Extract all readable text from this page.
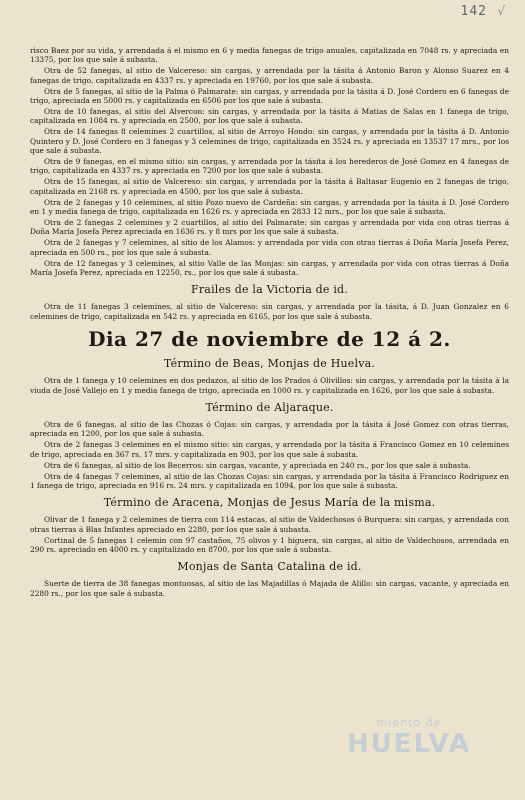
142 √
risco Baez por su vida, y arrendada á el mismo en 6 y media fanegas de trigo anuales, capitalizada en 7048 rs. y apreciada en 13375, por los que sale á subasta.
Otra de 52 fanegas, al sitio de Valcereso: sin cargas, y arrendada por la tásita á Antonio Baron y Alonso Suarez en 4 fanegas de trigo, capitalizada en 4337 rs. y apreciada en 19760, por los que sale á subasta.
Otra de 5 fanegas, al sitio de la Palma ó Palmarate: sin cargas, y arrendada por la tásita á D. José Cordero en 6 fanegas de trigo, apreciada en 5000 rs. y capitalizada en 6506 por los que sale á subasta.
Otra de 10 fanegas, al sitio del Alvercon: sin cargas, y arrendada por la tásita á Matias de Salas en 1 fanega de trigo, capitalizada en 1084 rs. y apreciada en 2500, por los que sale á subasta.
Otra de 14 fanegas 8 celemines 2 cuartillos, al sitio de Arroyo Hondo: sin cargas, y arrendada por la tásita á D. Antonio Quintero y D. José Cordero en 3 fanegas y 3 celemines de trigo, capitalizada en 3524 rs. y apreciada en 13537 17 mrs., por los que sale á subasta.
Otra de 9 fanegas, en el mismo sitio: sin cargas, y arrendada por la tásita á los herederos de José Gomez en 4 fanegas de trigo, capitalizada en 4337 rs. y apreciada en 7200 por los que sale á subasta.
Otra de 15 fanegas, al sitio de Valcereso: sin cargas, y arrendada por la tásita á Baltasar Eugenio en 2 fanegas de trigo, capitalizada en 2168 rs. y apreciada en 4500, por los que sale á subasta.
Otra de 2 fanegas y 10 celemines, al sitio Pozo nuevo de Cardeña: sin cargas, y arrendada por la tásita á D. José Cordero en 1 y media fanega de trigo, capitalizada en 1626 rs. y apreciada en 2833 12 mrs., por los que sale á subasta.
Otra de 2 fanegas 2 celemines y 2 cuartillos, al sitio del Palmarate: sin cargas y arrendada por vida con otras tierras á Doña María Josefa Perez apreciada en 1636 rs. y 8 mrs por los que sale á subasta.
Otra de 2 fanegas y 7 celemines, al sitio de los Alamos: y arrendada por vida con otras tierras á Doña María Josefa Perez, apreciada en 500 rs., por los que sale á subasta.
Otra de 12 fanegas y 3 celemines, al sitio Valle de las Monjas: sin cargas, y arrendada por vida con otras tierras á Doña María Josefa Perez, apreciada en 12250, rs., por los que sale á subasta.
Frailes de la Victoria de id.
Otra de 11 fanegas 3 celemines, al sitio de Valcereso: sin cargas, y arrendada por la tásita, á D. Juan Gonzalez en 6 celemines de trigo, capitalizada en 542 rs. y apreciada en 6165, por los que sale á subasta.
Dia 27 de noviembre de 12 á 2.
Término de Beas, Monjas de Huelva.
Otra de 1 fanega y 10 celemines en dos pedazos, al sitio de los Prados ó Olivillos: sin cargas, y arrendada por la tásita á la viuda de José Vallejo en 1 y media fanega de trigo, apreciada en 1000 rs. y capitalizada en 1626, por los que sale á subasta.
Término de Aljaraque.
Otra de 6 fanegas, al sitio de las Chozas ó Cojas: sin cargas, y arrendada por la tásita á José Gomez con otras tierras, apreciada en 1200, por los que sale á subasta.
Otra de 2 fanegas 3 celemines en el mismo sitio: sin cargas, y arrendada por la tásita á Francisco Gomez en 10 celemines de trigo, apreciada en 367 rs. 17 mrs. y capitalizada en 903, por los que sale á subasta.
Otra de 6 fanegas, al sitio de los Becerros: sin cargas, vacante, y apreciada en 240 rs., por los que sale á subasta.
Otra de 4 fanegas 7 celemines, al sitio de las Chozas Cojas: sin cargas, y arrendada por la tásita á Francisco Rodriguez en 1 fanega de trigo, apreciada en 916 rs. 24 mrs. y capitalizada en 1094, por los que sale á subasta.
Término de Aracena, Monjas de Jesus María de la misma.
Olivar de 1 fanega y 2 celemines de tierra con 114 estacas, al sitio de Valdechosos ó Burquera: sin cargas, y arrendada con otras tierras á Blas Infantes apreciado en 2280, por los que sale á subasta.
Cortinal de 5 fanegas 1 celemin con 97 castaños, 75 olivos y 1 higuera, sin cargas, al sitio de Valdechosos, arrendada en 290 rs. apreciado en 4000 rs. y capitalizado en 8700, por los que sale á subasta.
Monjas de Santa Catalina de id.
Suerte de tierra de 38 fanegas montuosas, al sitio de las Majadillas ó Majada de Alillo: sin cargas, vacante, y apreciada en 2280 rs., por los que sale á subasta.
miento de
HUELVA
